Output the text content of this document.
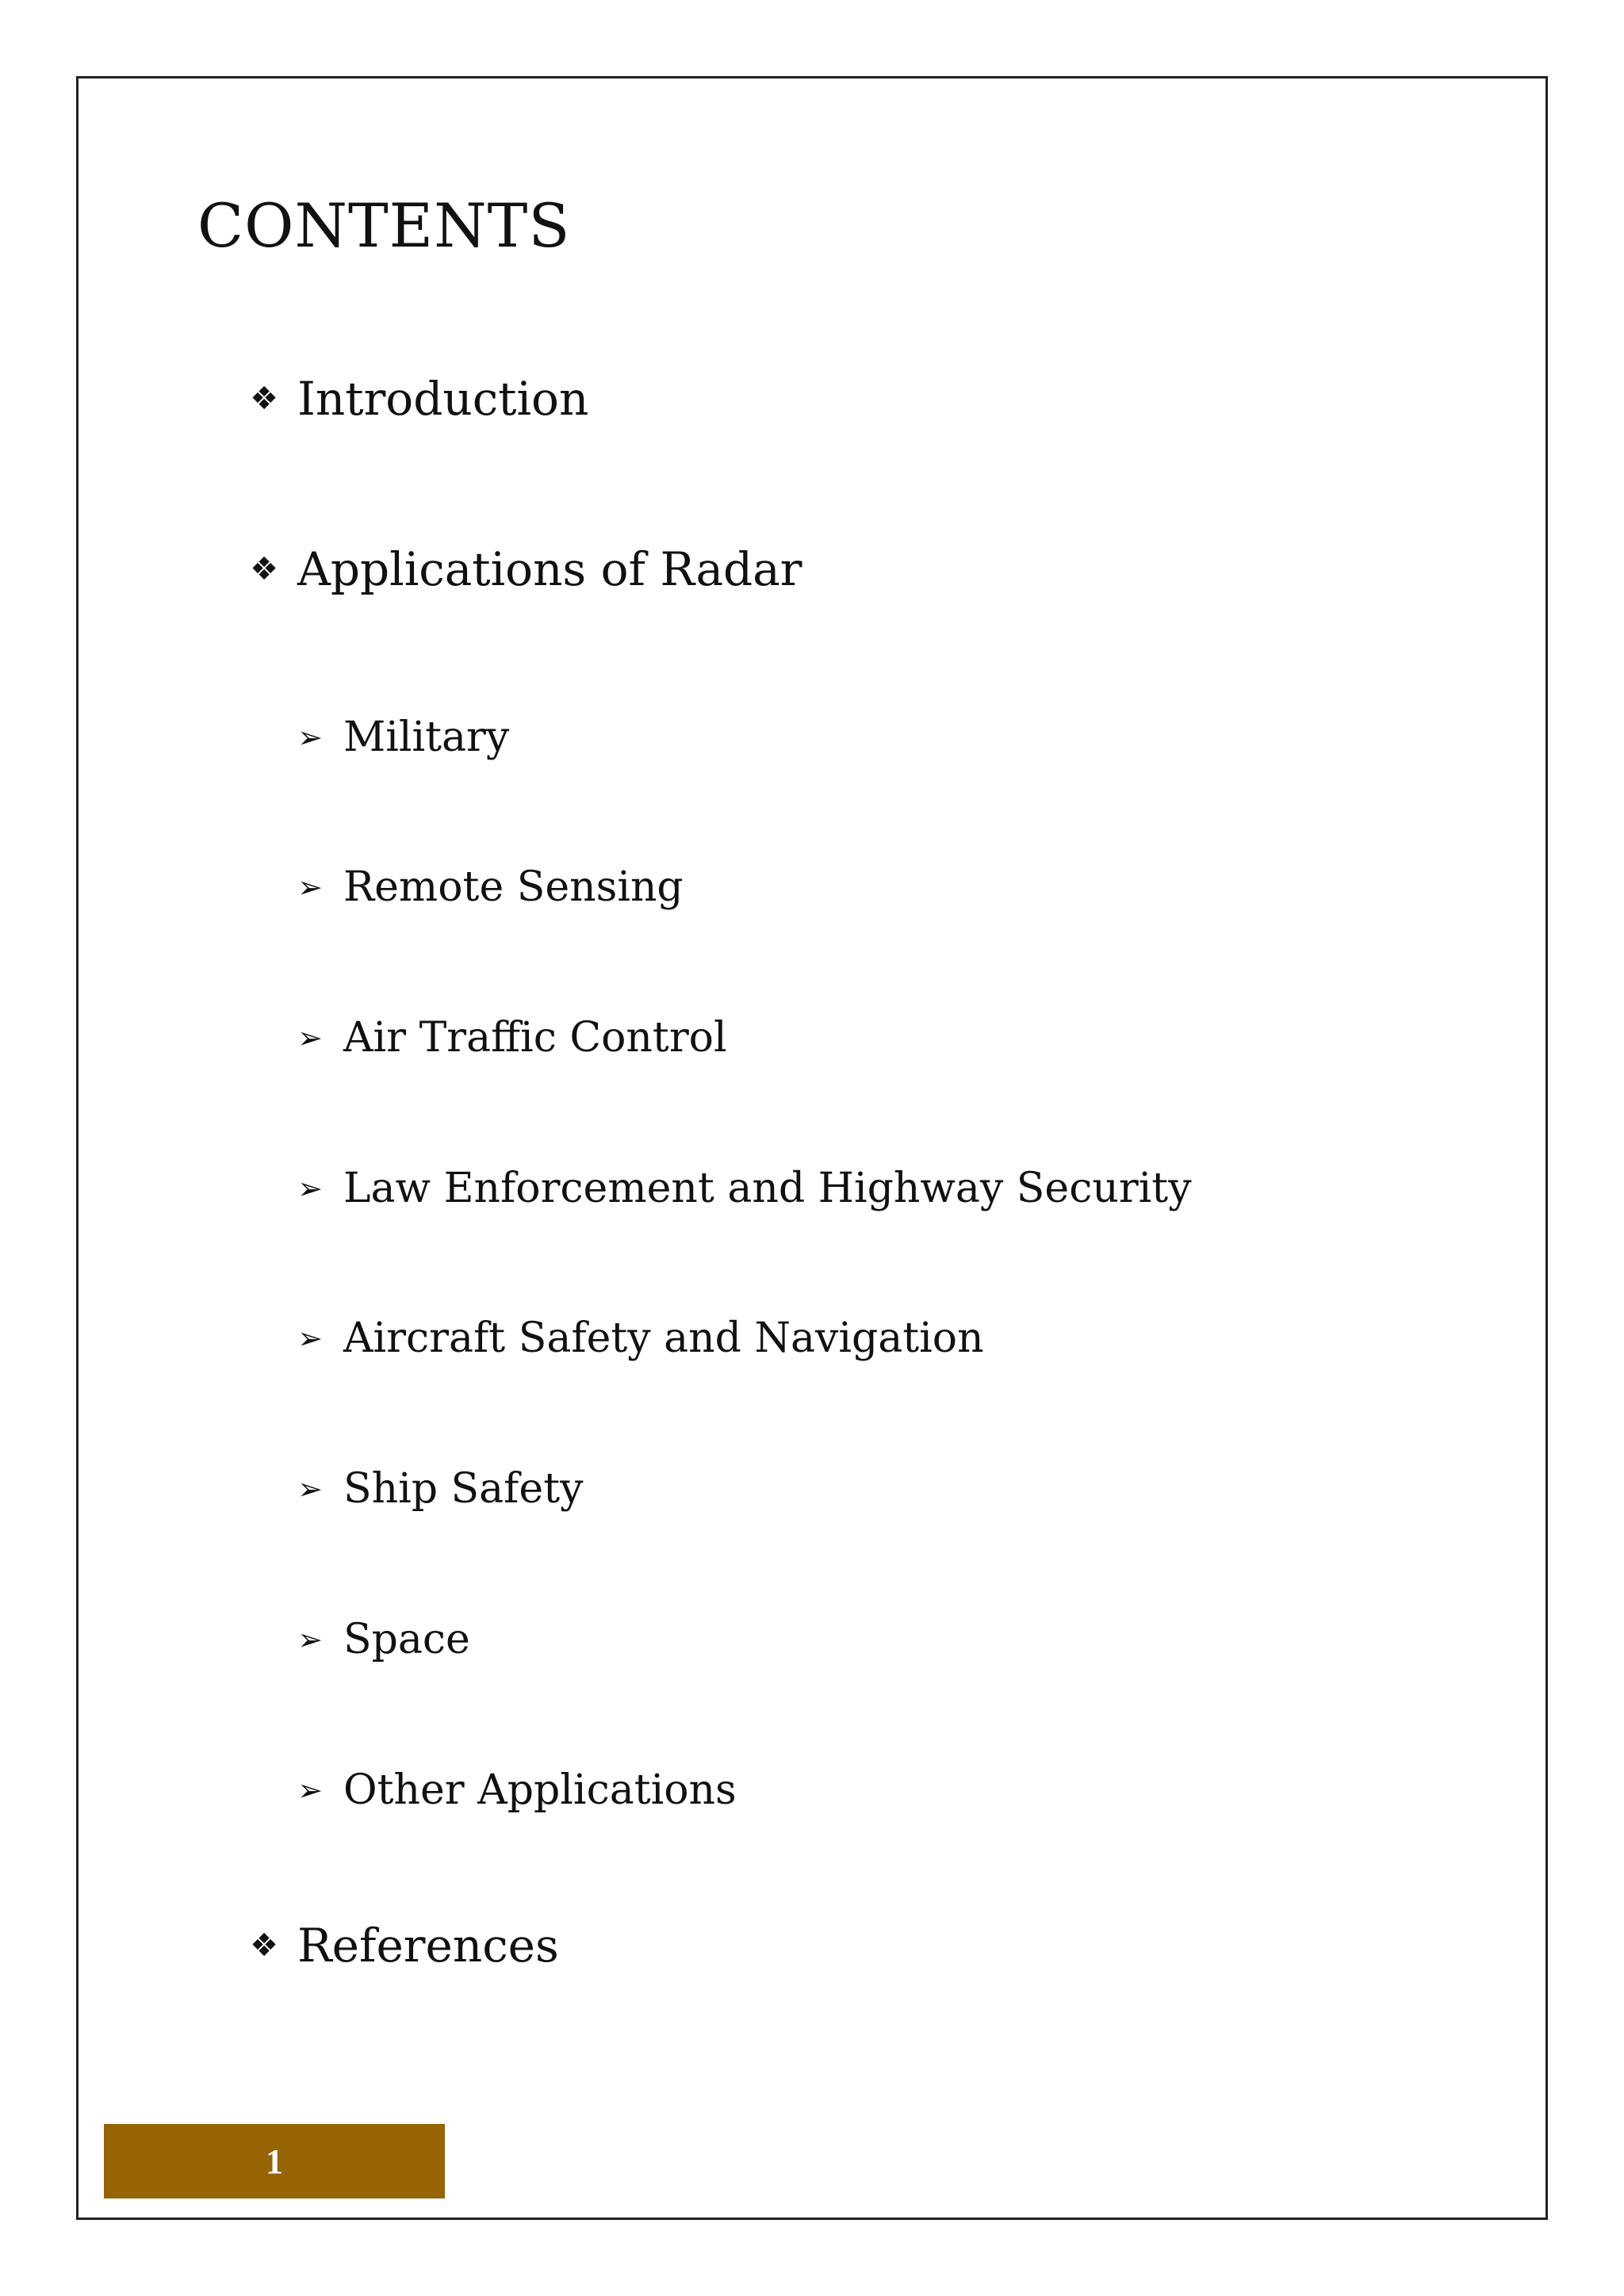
CONTENTS
❖ Introduction
❖ Applications of Radar
➢ Military
➢ Remote Sensing
➢ Air Traffic Control
➢ Law Enforcement and Highway Security
➢ Aircraft Safety and Navigation
➢ Ship Safety
➢ Space
➢ Other Applications
❖ References
1
